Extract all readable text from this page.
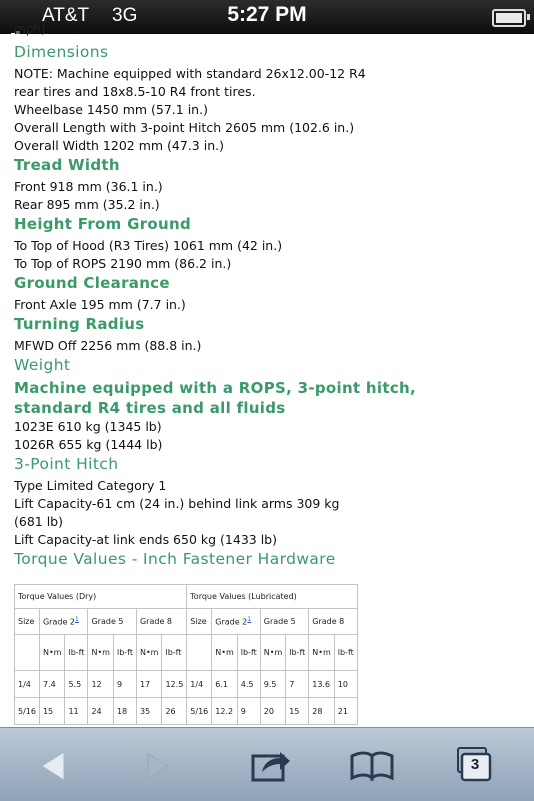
AT&T 3G	5:27 PM
mph)
Dimensions
NOTE: Machine equipped with standard 26x12.00-12 R4
rear tires and 18x8.5-10 R4 front tires.
Wheelbase 1450 mm (57.1 in.)
Overall Length with 3-point Hitch 2605 mm (102.6 in.)
Overall Width 1202 mm (47.3 in.)
Tread Width
Front 918 mm (36.1 in.)
Rear 895 mm (35.2 in.)
Height From Ground
To Top of Hood (R3 Tires) 1061 mm (42 in.)
To Top of ROPS 2190 mm (86.2 in.)
Ground Clearance
Front Axle 195 mm (7.7 in.)
Turning Radius
MFWD Off 2256 mm (88.8 in.)
Weight
Machine equipped with a ROPS, 3-point hitch,
standard R4 tires and all fluids
1023E 610 kg (1345 lb)
1026R 655 kg (1444 lb)
3-Point Hitch
Type Limited Category 1
Lift Capacity-61 cm (24 in.) behind link arms 309 kg
(681 lb)
Lift Capacity-at link ends 650 kg (1433 lb)
Torque Values - Inch Fastener Hardware
Torque Values (Dry)							Torque Values (Lubricated)						
Size	Grade $2^1$		Grade 5		Grade 8		Size	Grade $2^1$		Grade 5		Grade 8	
	N•m	lb-ft	N•m	lb-ft	N•m	lb-ft		N•m	lb-ft	N•m	lb-ft	N•m	lb-ft
1/4	7.4	5.5	12	9	17	12.5	1/4	6.1	4.5	9.5	7	13.6	10
5/16	15	11	24	18	35	26	5/16	12.2	9	20	15	28	21
3
